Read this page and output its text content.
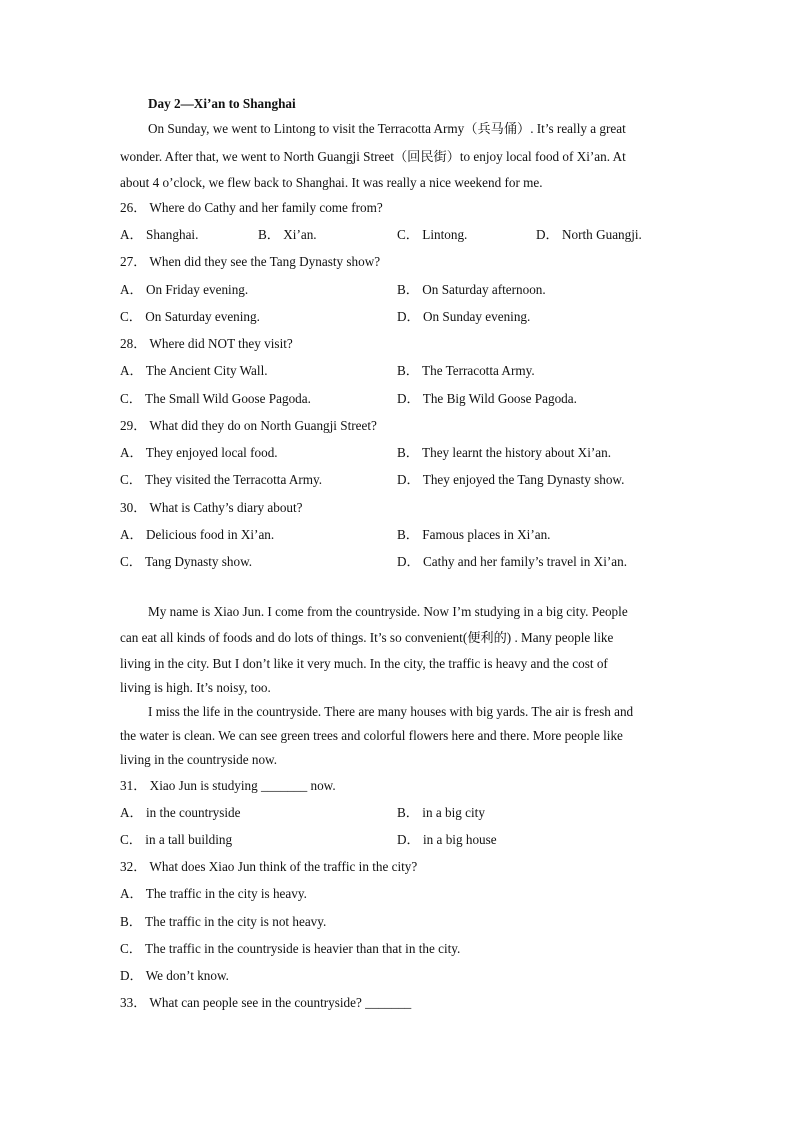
Day 2—Xi’an to Shanghai
On Sunday, we went to Lintong to visit the Terracotta Army（兵马俑）. It’s really a great
wonder. After that, we went to North Guangji Street（回民街）to enjoy local food of Xi’an. At
about 4 o’clock, we flew back to Shanghai. It was really a nice weekend for me.
26． Where do Cathy and her family come from?
A． Shanghai.	B． Xi’an.	C． Lintong.	D． North Guangji.
27． When did they see the Tang Dynasty show?
A． On Friday evening.	B． On Saturday afternoon.
C． On Saturday evening.	D． On Sunday evening.
28． Where did NOT they visit?
A． The Ancient City Wall.	B． The Terracotta Army.
C． The Small Wild Goose Pagoda.	D． The Big Wild Goose Pagoda.
29． What did they do on North Guangji Street?
A． They enjoyed local food.	B． They learnt the history about Xi’an.
C． They visited the Terracotta Army.	D． They enjoyed the Tang Dynasty show.
30． What is Cathy’s diary about?
A． Delicious food in Xi’an.	B． Famous places in Xi’an.
C． Tang Dynasty show.	D． Cathy and her family’s travel in Xi’an.
My name is Xiao Jun. I come from the countryside. Now I’m studying in a big city. People
can eat all kinds of foods and do lots of things. It’s so convenient(便利的) . Many people like
living in the city. But I don’t like it very much. In the city, the traffic is heavy and the cost of
living is high. It’s noisy, too.
I miss the life in the countryside. There are many houses with big yards. The air is fresh and
the water is clean. We can see green trees and colorful flowers here and there. More people like
living in the countryside now.
31． Xiao Jun is studying _______ now.
A． in the countryside	B． in a big city
C． in a tall building	D． in a big house
32． What does Xiao Jun think of the traffic in the city?
A． The traffic in the city is heavy.
B． The traffic in the city is not heavy.
C． The traffic in the countryside is heavier than that in the city.
D． We don’t know.
33． What can people see in the countryside? _______
